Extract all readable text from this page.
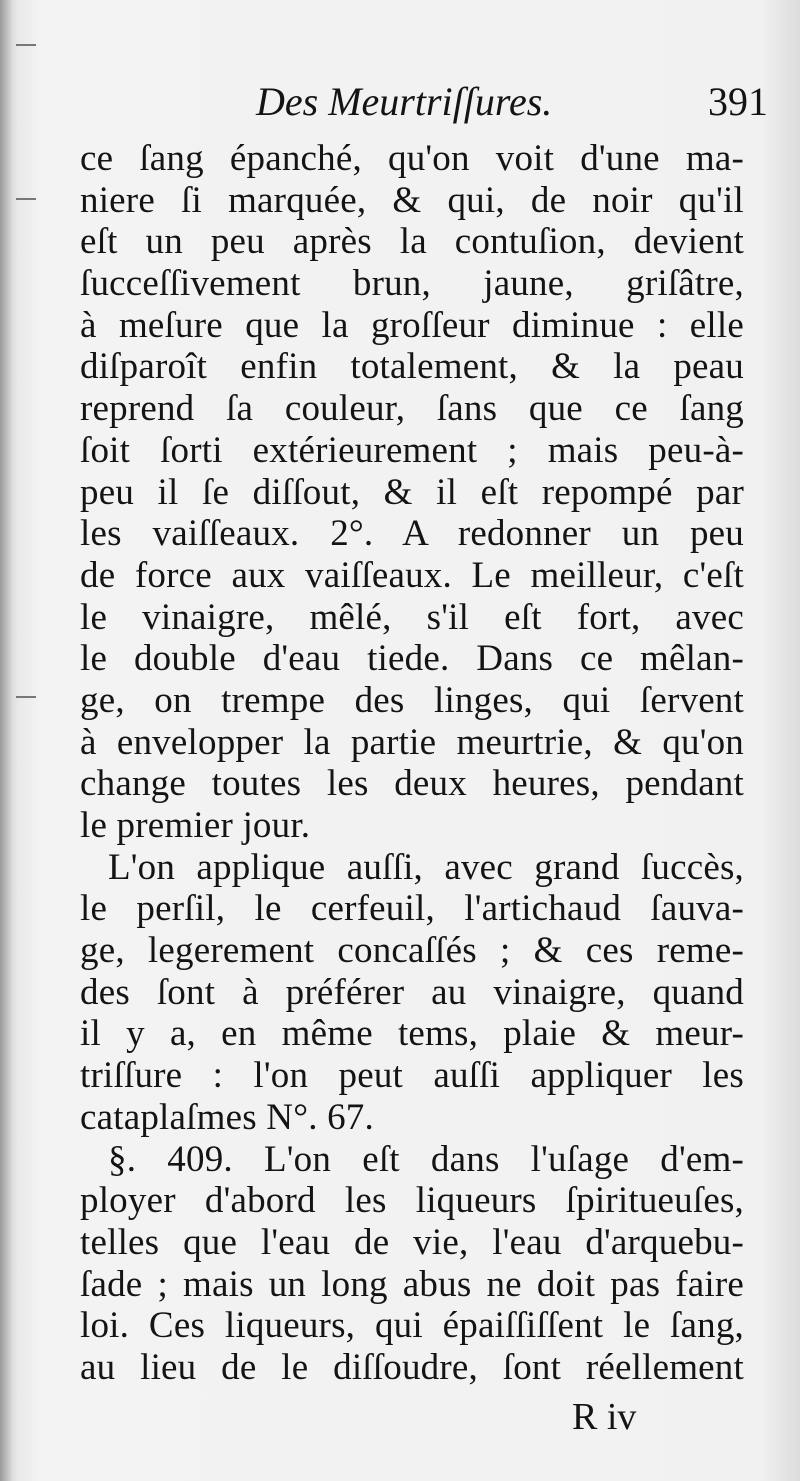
Des Meurtriſſures.	391
ce ſang épanché, qu'on voit d'une ma-
niere ſi marquée, & qui, de noir qu'il
eſt un peu après la contuſion, devient
ſucceſſivement brun, jaune, griſâtre,
à meſure que la groſſeur diminue : elle
diſparoît enfin totalement, & la peau
reprend ſa couleur, ſans que ce ſang
ſoit ſorti extérieurement ; mais peu-à-
peu il ſe diſſout, & il eſt repompé par
les vaiſſeaux. 2°. A redonner un peu
de force aux vaiſſeaux. Le meilleur, c'eſt
le vinaigre, mêlé, s'il eſt fort, avec
le double d'eau tiede. Dans ce mêlan-
ge, on trempe des linges, qui ſervent
à envelopper la partie meurtrie, & qu'on
change toutes les deux heures, pendant
le premier jour.
L'on applique auſſi, avec grand ſuccès,
le perſil, le cerfeuil, l'artichaud ſauva-
ge, legerement concaſſés ; & ces reme-
des ſont à préférer au vinaigre, quand
il y a, en même tems, plaie & meur-
triſſure : l'on peut auſſi appliquer les
cataplaſmes N°. 67.
§. 409. L'on eſt dans l'uſage d'em-
ployer d'abord les liqueurs ſpiritueuſes,
telles que l'eau de vie, l'eau d'arquebu-
ſade ; mais un long abus ne doit pas faire
loi. Ces liqueurs, qui épaiſſiſſent le ſang,
au lieu de le diſſoudre, ſont réellement
R iv
